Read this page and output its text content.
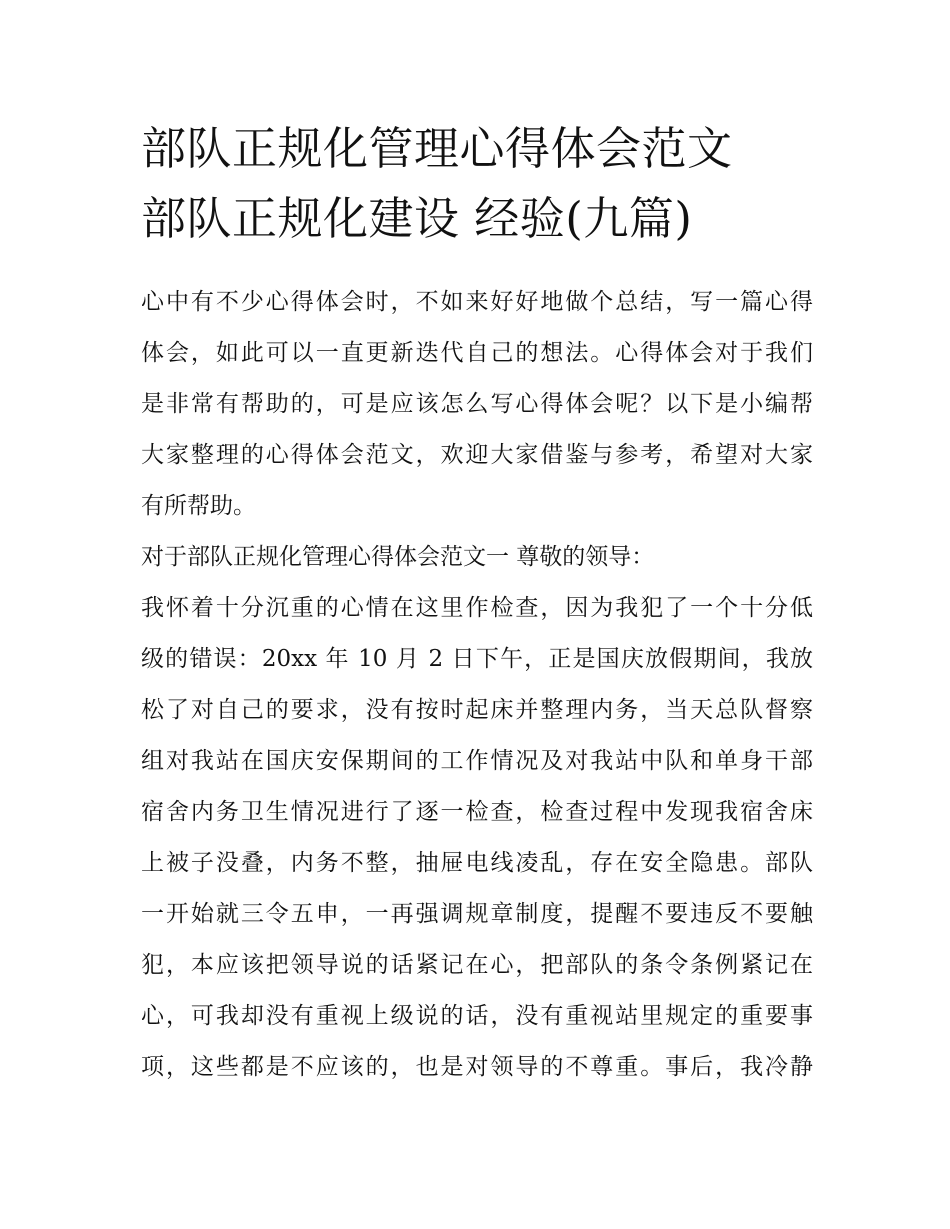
部队正规化管理心得体会范文
部队正规化建设 经验(九篇)
心中有不少心得体会时，不如来好好地做个总结，写一篇心得
体会，如此可以一直更新迭代自己的想法。心得体会对于我们
是非常有帮助的，可是应该怎么写心得体会呢？以下是小编帮
大家整理的心得体会范文，欢迎大家借鉴与参考，希望对大家
有所帮助。
对于部队正规化管理心得体会范文一 尊敬的领导：
我怀着十分沉重的心情在这里作检查，因为我犯了一个十分低
级的错误：20xx 年 10 月 2 日下午，正是国庆放假期间，我放
松了对自己的要求，没有按时起床并整理内务，当天总队督察
组对我站在国庆安保期间的工作情况及对我站中队和单身干部
宿舍内务卫生情况进行了逐一检查，检查过程中发现我宿舍床
上被子没叠，内务不整，抽屉电线凌乱，存在安全隐患。部队
一开始就三令五申，一再强调规章制度，提醒不要违反不要触
犯，本应该把领导说的话紧记在心，把部队的条令条例紧记在
心，可我却没有重视上级说的话，没有重视站里规定的重要事
项，这些都是不应该的，也是对领导的不尊重。事后，我冷静
